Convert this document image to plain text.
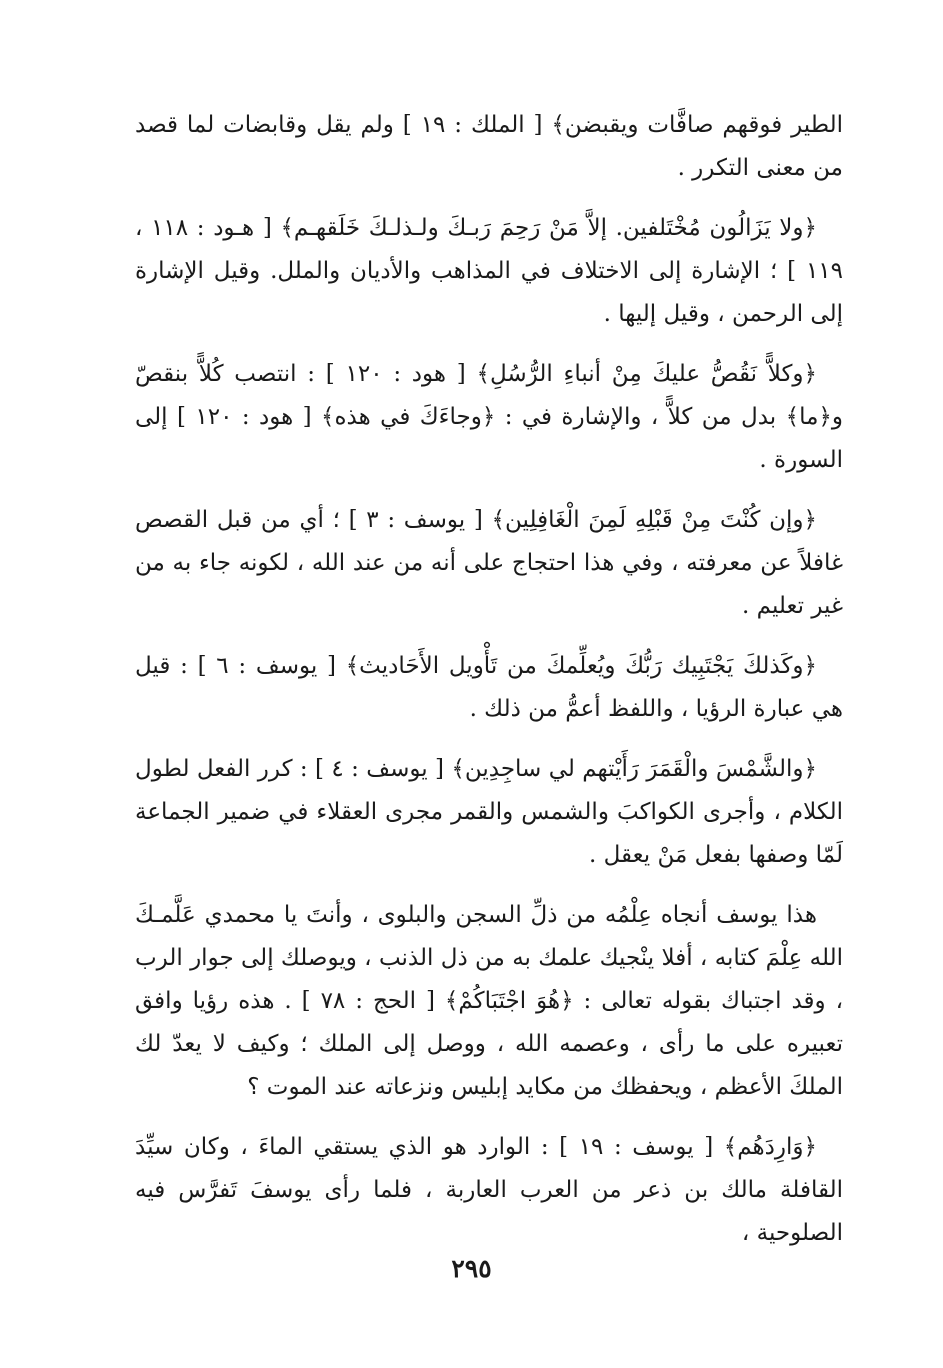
الطير فوقهم صافَّات ويقبضن﴾ [ الملك : ١٩ ] ولم يقل وقابضات لما قصد من معنى التكرر .

﴿ولا يَزَالُون مُخْتَلفين. إلاَّ مَنْ رَحِمَ رَبـكَ ولـذلـكَ خَلَقهـم﴾ [ هـود : ١١٨ ، ١١٩ ] ؛ الإشارة إلى الاختلاف في المذاهب والأديان والملل. وقيل الإشارة إلى الرحمن ، وقيل إليها .

﴿وكلاًّ نَقُصُّ عليكَ مِنْ أنباءِ الرُّسُلِ﴾ [ هود : ١٢٠ ] : انتصب كُلاًّ بنقصّ و﴿ما﴾ بدل من كلاًّ ، والإشارة في : ﴿وجاءَكَ في هذه﴾ [ هود : ١٢٠ ] إلى السورة .

﴿وإن كُنْتَ مِنْ قَبْلِهِ لَمِنَ الْغَافِلِين﴾ [ يوسف : ٣ ] ؛ أي من قبل القصص غافلاً عن معرفته ، وفي هذا احتجاج على أنه من عند الله ، لكونه جاء به من غير تعليم .

﴿وكَذلكَ يَجْتَبِيك رَبُّكَ ويُعلِّمكَ من تَأْويل الأَحَاديث﴾ [ يوسف : ٦ ] : قيل هي عبارة الرؤيا ، واللفظ أعمُّ من ذلك .

﴿والشَّمْسَ والْقَمَرَ رَأَيْتهم لي ساجِدِين﴾ [ يوسف : ٤ ] : كرر الفعل لطول الكلام ، وأجرى الكواكبَ والشمس والقمر مجرى العقلاء في ضمير الجماعة لَمّا وصفها بفعل مَنْ يعقل .

هذا يوسف أنجاه عِلْمُه من ذلِّ السجن والبلوى ، وأنتَ يا محمدي عَلَّمـكَ الله عِلْمَ كتابه ، أفلا ينْجيك علمك به من ذل الذنب ، ويوصلك إلى جوار الرب ، وقد اجتباك بقوله تعالى : ﴿هُوَ اجْتَبَاكُمْ﴾ [ الحج : ٧٨ ] . هذه رؤيا وافق تعبيره على ما رأى ، وعصمه الله ، ووصل إلى الملك ؛ وكيف لا يعدّ لك الملكَ الأعظم ، ويحفظك من مكايد إبليس ونزعاته عند الموت ؟

﴿وَارِدَهُم﴾ [ يوسف : ١٩ ] : الوارد هو الذي يستقي الماءَ ، وكان سيِّدَ القافلة مالك بن ذعر من العرب العاربة ، فلما رأى يوسفَ تَفرَّس فيه الصلوحية ،

٢٩٥
